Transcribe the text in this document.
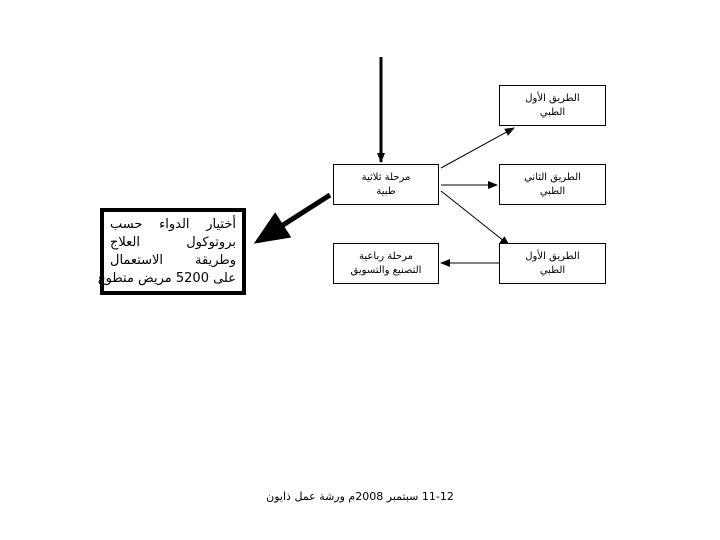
الطريق الأول
الطبي
الطريق الثاني
الطبي
الطريق الأول
الطبي
مرحلة ثلاثية
طبية
مرحلة رباعية
التصنيع والتسويق
أختيار الدواء حسب
بروتوكول العلاج
وطريقة الاستعمال
على 5200 مريض متطوع
11-12 سبتمبر 2008م ورشة عمل ذايون
